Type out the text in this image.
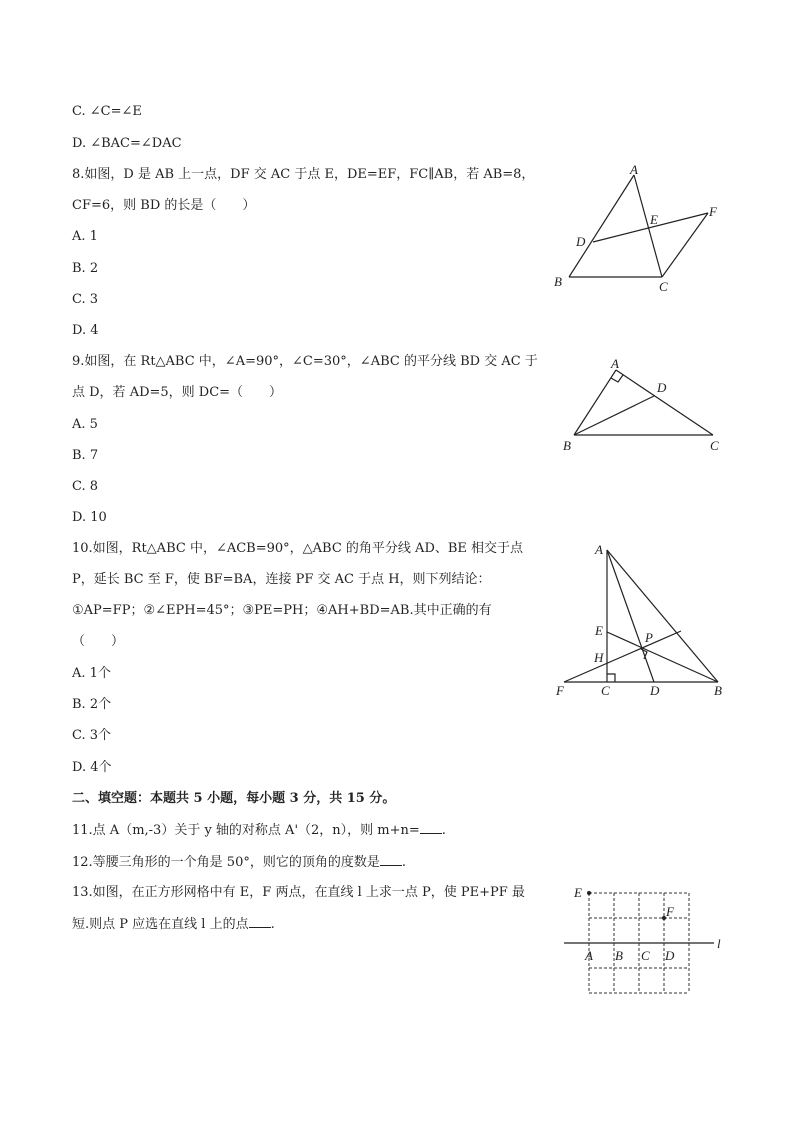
C. ∠C=∠E
D. ∠BAC=∠DAC
8.如图，D 是 AB 上一点，DF 交 AC 于点 E，DE=EF，FC∥AB，若 AB=8，
CF=6，则 BD 的长是（　　）
A. 1
B. 2
C. 3
D. 4
A
B	C
D
E
F
9.如图，在 Rt△ABC 中，∠A=90°，∠C=30°，∠ABC 的平分线 BD 交 AC 于
点 D，若 AD=5，则 DC=（　　）
A. 5
B. 7
C. 8
D. 10
A
B	C
D
10.如图，Rt△ABC 中，∠ACB=90°，△ABC 的角平分线 AD、BE 相交于点
P，延长 BC 至 F，使 BF=BA，连接 PF 交 AC 于点 H，则下列结论：
①AP=FP；②∠EPH=45°；③PE=PH；④AH+BD=AB.其中正确的有
（　　）
A. 1个
B. 2个
C. 3个
D. 4个
A
B
C	D
E
F
H
P
二、填空题：本题共 5 小题，每小题 3 分，共 15 分。
11.点 A（m,-3）关于 y 轴的对称点 A'（2，n），则 m+n= .
12.等腰三角形的一个角是 50°，则它的顶角的度数是 .
13.如图，在正方形网格中有 E，F 两点，在直线 l 上求一点 P，使 PE+PF 最
短.则点 P 应选在直线 l 上的点 .
E
F
A B C D
l
